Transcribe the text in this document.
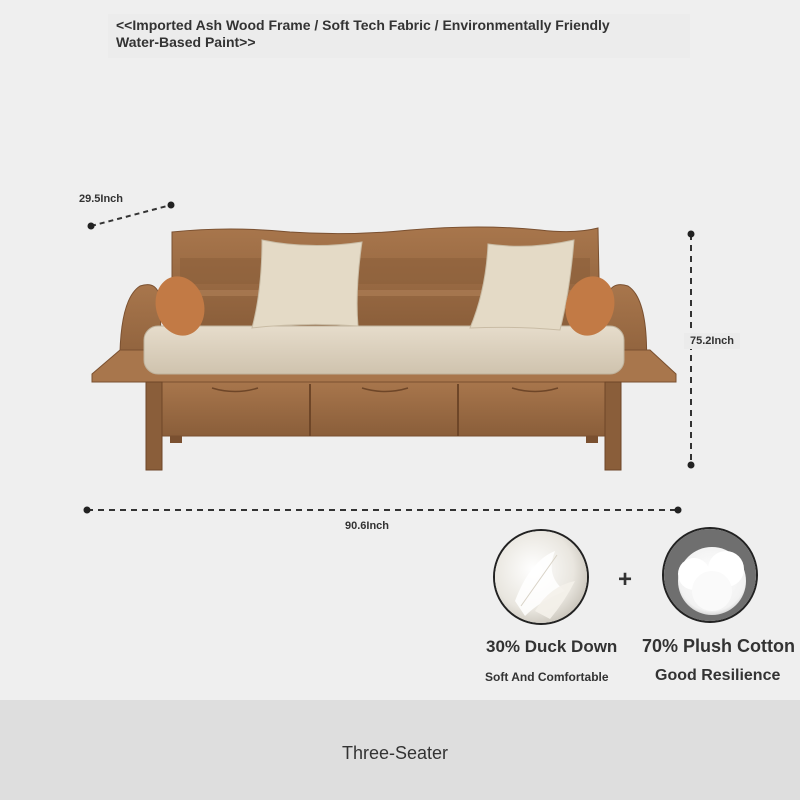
<<Imported Ash Wood Frame / Soft Tech Fabric / Environmentally Friendly
Water-Based Paint>>
29.5Inch
75.2Inch
90.6Inch
+
30% Duck Down 70% Plush Cotton
Soft And Comfortable	Good Resilience
Three-Seater
